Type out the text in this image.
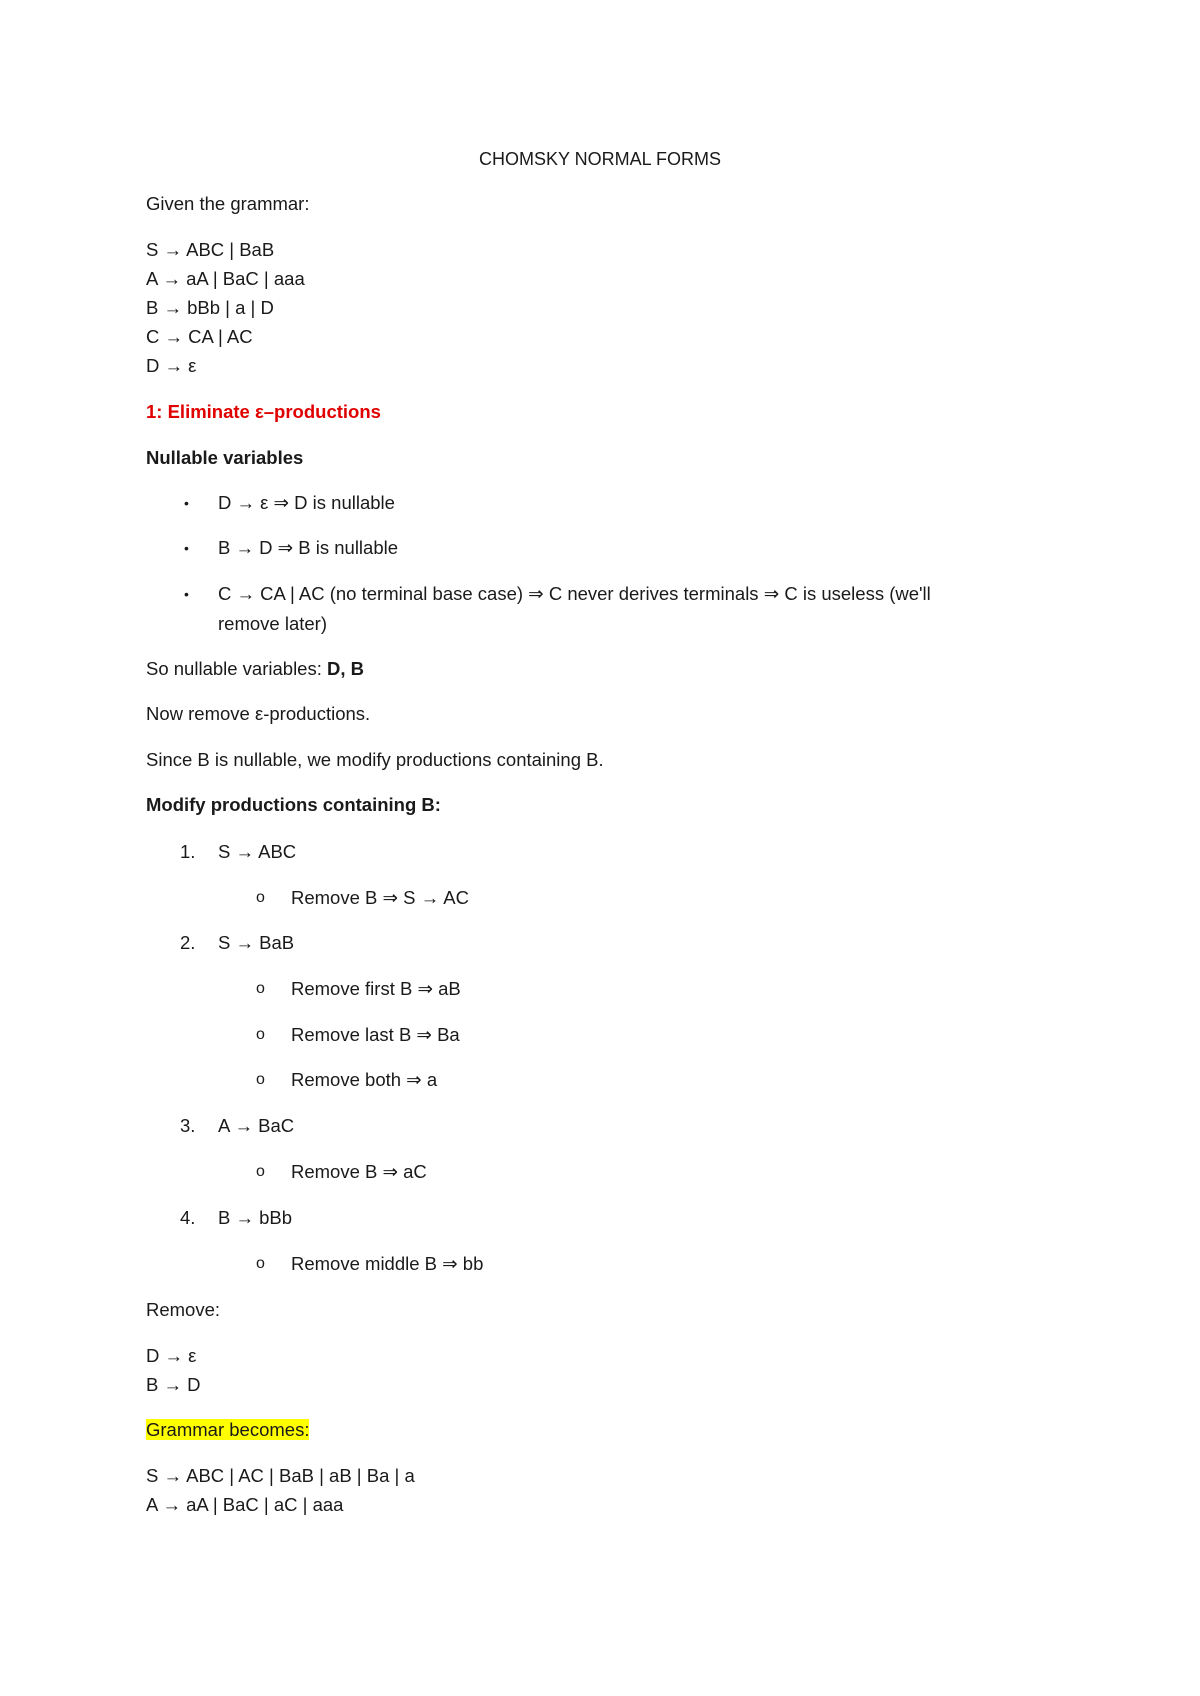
CHOMSKY NORMAL FORMS
Given the grammar:
S → ABC | BaB
A → aA | BaC | aaa
B → bBb | a | D
C → CA | AC
D → ε
1: Eliminate ε–productions
Nullable variables
• D → ε ⇒ D is nullable
• B → D ⇒ B is nullable
• C → CA | AC (no terminal base case) ⇒ C never derives terminals ⇒ C is useless (we'll
remove later)
So nullable variables: D, B
Now remove ε-productions.
Since B is nullable, we modify productions containing B.
Modify productions containing B:
1. S → ABC
o Remove B ⇒ S → AC
2. S → BaB
o Remove first B ⇒ aB
o Remove last B ⇒ Ba
o Remove both ⇒ a
3. A → BaC
o Remove B ⇒ aC
4. B → bBb
o Remove middle B ⇒ bb
Remove:
D → ε
B → D
Grammar becomes:
S → ABC | AC | BaB | aB | Ba | a
A → aA | BaC | aC | aaa
